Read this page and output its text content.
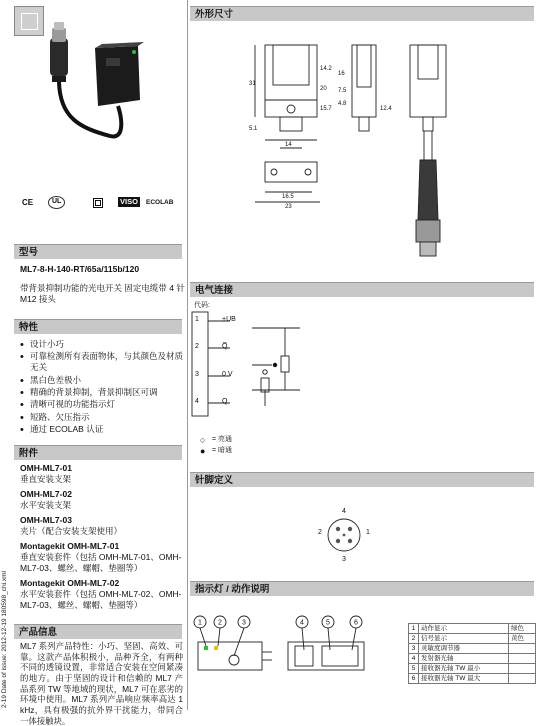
CE	UL	VISO	ECOLAB
型号
ML7-8-H-140-RT/65a/115b/120
带背景抑制功能的光电开关 固定电缆带 4 针 M12 接头
特性
• 设计小巧
• 可靠检测所有表面物体，与其颜色及材质无关
• 黑白色差极小
• 精确的背景抑制，背景抑制区可调
• 清晰可视的功能指示灯
• 短路、欠压指示
• 通过 ECOLAB 认证
附件
OMH-ML7-01
垂直安装支架
OMH-ML7-02
水平安装支架
OMH-ML7-03
夹片（配合安装支架使用）
Montagekit OMH-ML7-01
垂直安装套件（包括 OMH-ML7-01、OMH-ML7-03、螺丝、螺帽、垫圈等）
Montagekit OMH-ML7-02
水平安装套件（包括 OMH-ML7-02、OMH-ML7-03、螺丝、螺帽、垫圈等）
产品信息
ML7 系列产品特性：小巧、坚固、高效、可靠。这款产品体积极小，品种齐全，有两种不同的透镜设置，非常适合安装在空间紧凑的地方。由于坚固的设计和信赖的 ML7 产品系列 TW 等地域的现状，ML7 可在恶劣的环境中使用。ML7 系列产品响应频率高达 1 kHz，具有极强的抗外界干扰能力，带同合一体接触块。
2-19 Date of issue: 2012-12-19 180598_chi.xml
外形尺寸
31
14.2
20
15.7
16
7.5
4.8
12.4
5.1
14
16.5
23
电气连接
代码:
1	+UB
2	Q̅
3	0 V
4	Q
○ = 亮通
● = 暗通
针脚定义
1
2
3
4
指示灯 / 动作说明
1 2	3	4	5	6
1	动作显示	绿色
2	信号显示	黄色
3	灵敏度调节器	
4	发射器光轴	
5	接收器光轴 TW 最小	
6	接收器光轴 TW 最大	
